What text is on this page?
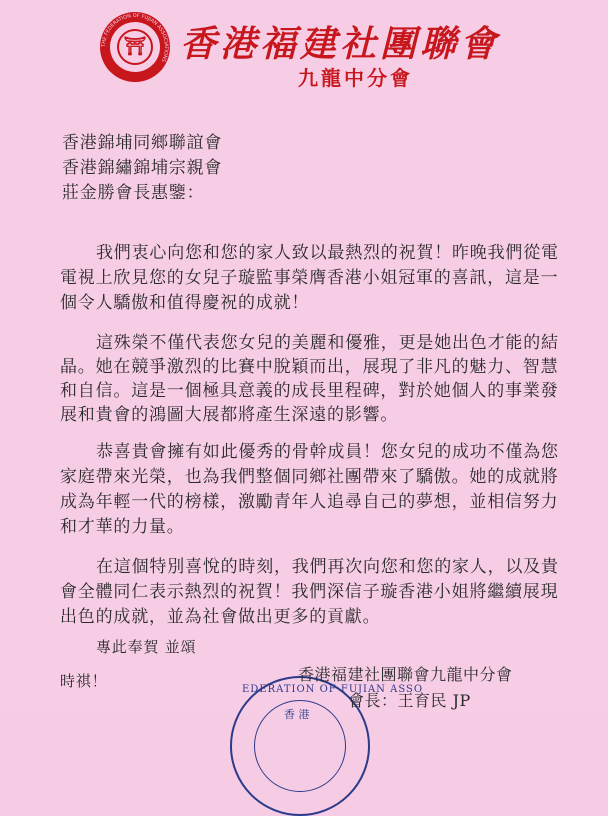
⛩
THE FEDERATION OF FUJIAN ASSOCIATIONS 香港福建社團聯會
九龍中分會
香港錦埔同鄉聯誼會
香港錦繡錦埔宗親會
莊金勝會長惠鑒：
我們衷心向您和您的家人致以最熱烈的祝賀！昨晚我們從電
電視上欣見您的女兒子璇監事榮膺香港小姐冠軍的喜訊，這是一
個令人驕傲和值得慶祝的成就！
這殊榮不僅代表您女兒的美麗和優雅，更是她出色才能的結
晶。她在競爭激烈的比賽中脫穎而出，展現了非凡的魅力、智慧
和自信。這是一個極具意義的成長里程碑，對於她個人的事業發
展和貴會的鴻圖大展都將產生深遠的影響。
恭喜貴會擁有如此優秀的骨幹成員！您女兒的成功不僅為您
家庭帶來光榮，也為我們整個同鄉社團帶來了驕傲。她的成就將
成為年輕一代的榜樣，激勵青年人追尋自己的夢想，並相信努力
和才華的力量。
在這個特別喜悅的時刻，我們再次向您和您的家人，以及貴
會全體同仁表示熱烈的祝賀！我們深信子璇香港小姐將繼續展現
出色的成就，並為社會做出更多的貢獻。
專此奉賀 並頌
時祺！	EDERATION OF FUJIAN ASSO
香 港
香港福建社團聯會九龍中分會
會長：王育民 JP
